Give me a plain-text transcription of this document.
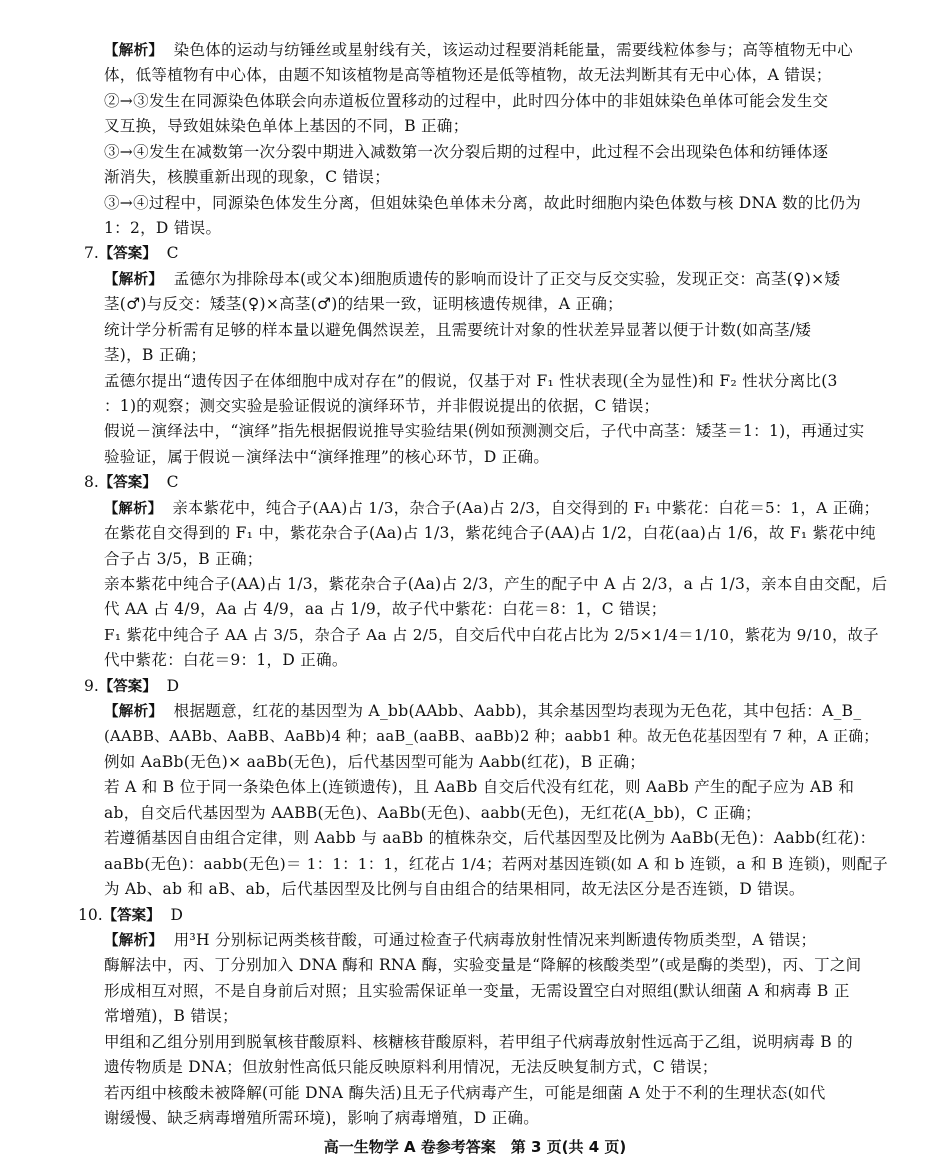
【解析】 染色体的运动与纺锤丝或星射线有关，该运动过程要消耗能量，需要线粒体参与；高等植物无中心
体，低等植物有中心体，由题不知该植物是高等植物还是低等植物，故无法判断其有无中心体，A 错误；
②→③发生在同源染色体联会向赤道板位置移动的过程中，此时四分体中的非姐妹染色单体可能会发生交
叉互换，导致姐妹染色单体上基因的不同，B 正确；
③→④发生在减数第一次分裂中期进入减数第一次分裂后期的过程中，此过程不会出现染色体和纺锤体逐
渐消失，核膜重新出现的现象，C 错误；
③→④过程中，同源染色体发生分离，但姐妹染色单体未分离，故此时细胞内染色体数与核 DNA 数的比仍为
1：2，D 错误。
7.【答案】 C
【解析】 孟德尔为排除母本(或父本)细胞质遗传的影响而设计了正交与反交实验，发现正交：高茎(♀)×矮
茎(♂)与反交：矮茎(♀)×高茎(♂)的结果一致，证明核遗传规律，A 正确；
统计学分析需有足够的样本量以避免偶然误差，且需要统计对象的性状差异显著以便于计数(如高茎/矮
茎)，B 正确；
孟德尔提出“遗传因子在体细胞中成对存在”的假说，仅基于对 F₁ 性状表现(全为显性)和 F₂ 性状分离比(3
：1)的观察；测交实验是验证假说的演绎环节，并非假说提出的依据，C 错误；
假说－演绎法中，“演绎”指先根据假说推导实验结果(例如预测测交后，子代中高茎：矮茎＝1：1)，再通过实
验验证，属于假说－演绎法中“演绎推理”的核心环节，D 正确。
8.【答案】 C
【解析】 亲本紫花中，纯合子(AA)占 1/3，杂合子(Aa)占 2/3，自交得到的 F₁ 中紫花：白花＝5：1，A 正确；
在紫花自交得到的 F₁ 中，紫花杂合子(Aa)占 1/3，紫花纯合子(AA)占 1/2，白花(aa)占 1/6，故 F₁ 紫花中纯
合子占 3/5，B 正确；
亲本紫花中纯合子(AA)占 1/3，紫花杂合子(Aa)占 2/3，产生的配子中 A 占 2/3，a 占 1/3，亲本自由交配，后
代 AA 占 4/9，Aa 占 4/9，aa 占 1/9，故子代中紫花：白花＝8：1，C 错误；
F₁ 紫花中纯合子 AA 占 3/5，杂合子 Aa 占 2/5，自交后代中白花占比为 2/5×1/4＝1/10，紫花为 9/10，故子
代中紫花：白花＝9：1，D 正确。
9.【答案】 D
【解析】 根据题意，红花的基因型为 A_bb(AAbb、Aabb)，其余基因型均表现为无色花，其中包括：A_B_
(AABB、AABb、AaBB、AaBb)4 种；aaB_(aaBB、aaBb)2 种；aabb1 种。故无色花基因型有 7 种，A 正确；
例如 AaBb(无色)× aaBb(无色)，后代基因型可能为 Aabb(红花)，B 正确；
若 A 和 B 位于同一条染色体上(连锁遗传)，且 AaBb 自交后代没有红花，则 AaBb 产生的配子应为 AB 和
ab，自交后代基因型为 AABB(无色)、AaBb(无色)、aabb(无色)，无红花(A_bb)，C 正确；
若遵循基因自由组合定律，则 Aabb 与 aaBb 的植株杂交，后代基因型及比例为 AaBb(无色)：Aabb(红花)：
aaBb(无色)：aabb(无色)＝ 1：1：1：1，红花占 1/4；若两对基因连锁(如 A 和 b 连锁，a 和 B 连锁)，则配子
为 Ab、ab 和 aB、ab，后代基因型及比例与自由组合的结果相同，故无法区分是否连锁，D 错误。
10.【答案】 D
【解析】 用³H 分别标记两类核苷酸，可通过检查子代病毒放射性情况来判断遗传物质类型，A 错误；
酶解法中，丙、丁分别加入 DNA 酶和 RNA 酶，实验变量是“降解的核酸类型”(或是酶的类型)，丙、丁之间
形成相互对照，不是自身前后对照；且实验需保证单一变量，无需设置空白对照组(默认细菌 A 和病毒 B 正
常增殖)，B 错误；
甲组和乙组分别用到脱氧核苷酸原料、核糖核苷酸原料，若甲组子代病毒放射性远高于乙组，说明病毒 B 的
遗传物质是 DNA；但放射性高低只能反映原料利用情况，无法反映复制方式，C 错误；
若丙组中核酸未被降解(可能 DNA 酶失活)且无子代病毒产生，可能是细菌 A 处于不利的生理状态(如代
谢缓慢、缺乏病毒增殖所需环境)，影响了病毒增殖，D 正确。
高一生物学 A 卷参考答案　第 3 页(共 4 页)
